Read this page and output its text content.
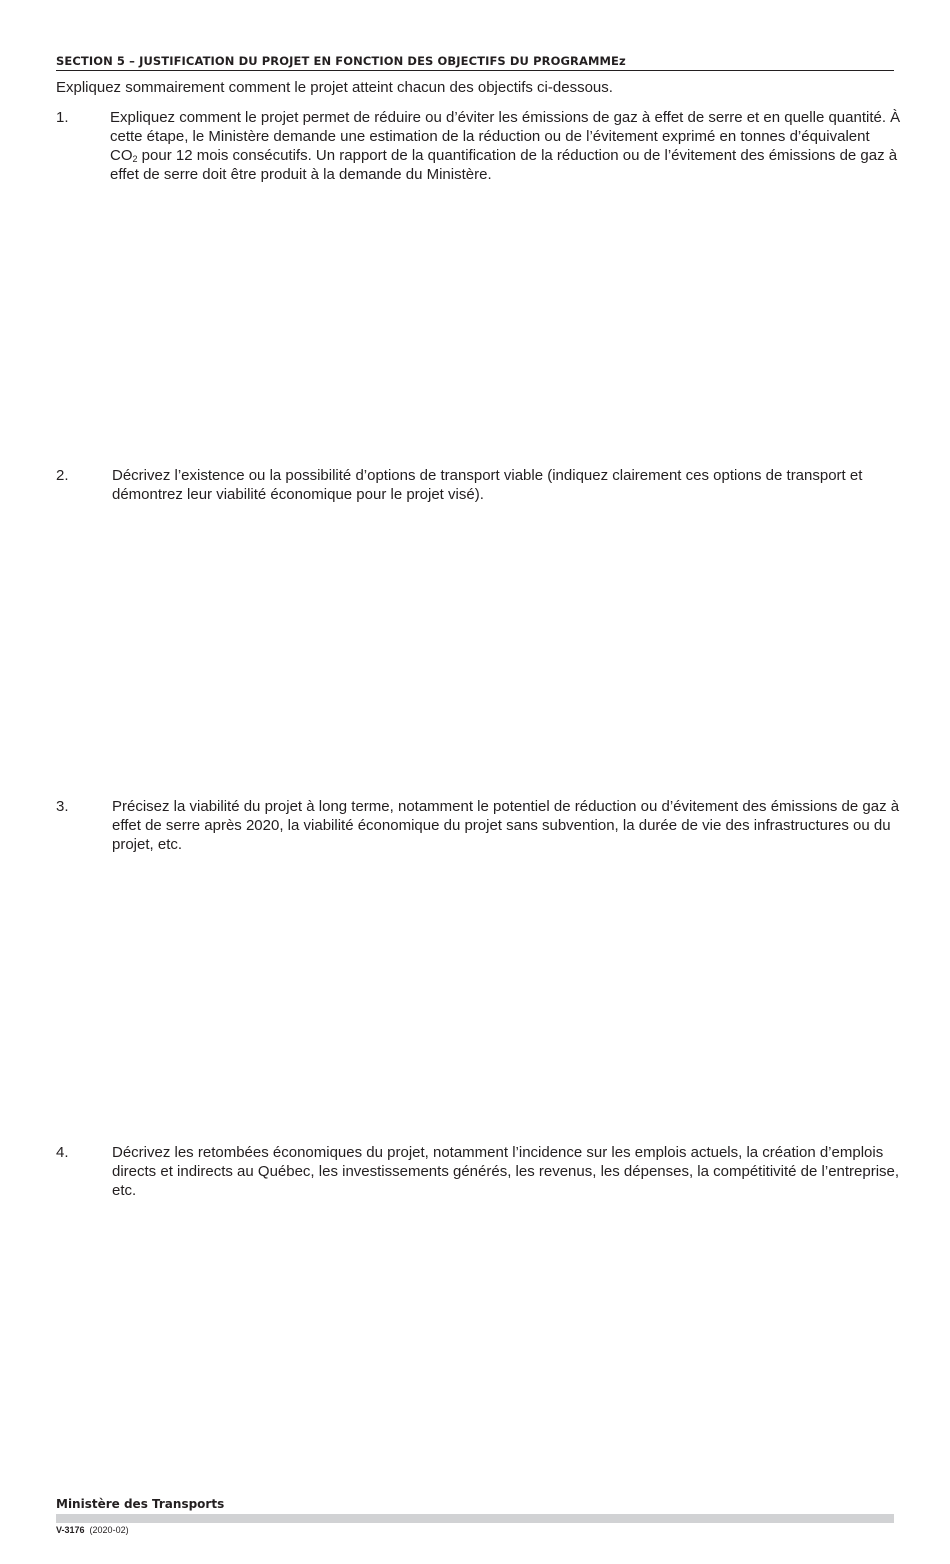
SECTION 5 – JUSTIFICATION DU PROJET EN FONCTION DES OBJECTIFS DU PROGRAMMEz
Expliquez sommairement comment le projet atteint chacun des objectifs ci-dessous.
1.	Expliquez comment le projet permet de réduire ou d’éviter les émissions de gaz à effet de serre et en quelle quantité. À cette étape, le Ministère demande une estimation de la réduction ou de l’évitement exprimé en tonnes d’équivalent $CO_2$ pour 12 mois consécutifs. Un rapport de la quantification de la réduction ou de l’évitement des émissions de gaz à effet de serre doit être produit à la demande du Ministère.
2.	Décrivez l’existence ou la possibilité d’options de transport viable (indiquez clairement ces options de transport et démontrez leur viabilité économique pour le projet visé).
3.	Précisez la viabilité du projet à long terme, notamment le potentiel de réduction ou d’évitement des émissions de gaz à effet de serre après 2020, la viabilité économique du projet sans subvention, la durée de vie des infrastructures ou du projet, etc.
4.	Décrivez les retombées économiques du projet, notamment l’incidence sur les emplois actuels, la création d’emplois directs et indirects au Québec, les investissements générés, les revenus, les dépenses, la compétitivité de l’entreprise, etc.
Ministère des Transports
V-3176 (2020-02)
